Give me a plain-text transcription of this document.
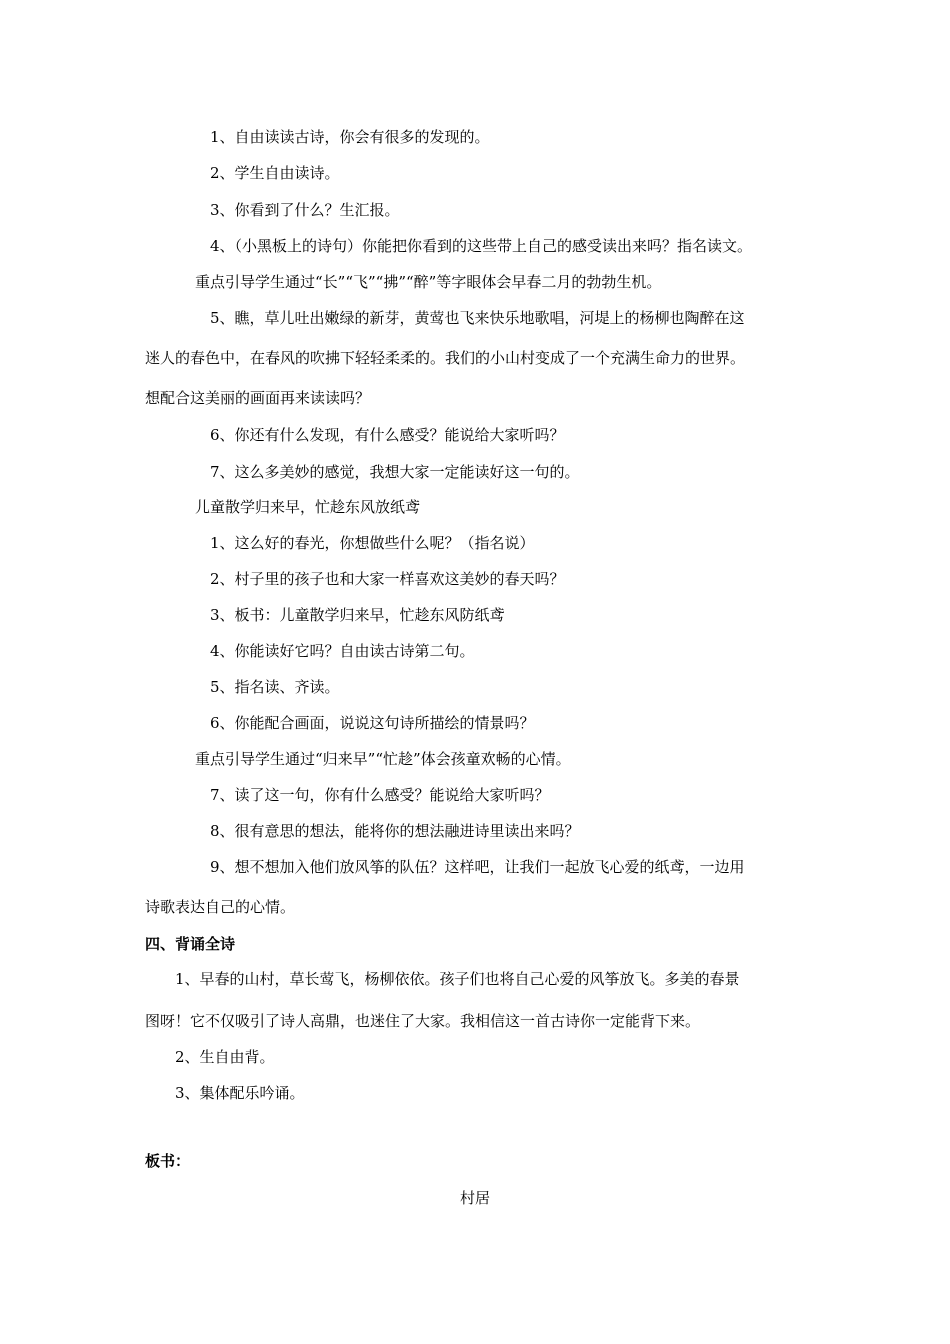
1、自由读读古诗，你会有很多的发现的。
2、学生自由读诗。
3、你看到了什么？生汇报。
4、（小黑板上的诗句）你能把你看到的这些带上自己的感受读出来吗？指名读文。
重点引导学生通过“长”“飞”“拂”“醉”等字眼体会早春二月的勃勃生机。
5、瞧，草儿吐出嫩绿的新芽，黄莺也飞来快乐地歌唱，河堤上的杨柳也陶醉在这
迷人的春色中，在春风的吹拂下轻轻柔柔的。我们的小山村变成了一个充满生命力的世界。
想配合这美丽的画面再来读读吗？
6、你还有什么发现，有什么感受？能说给大家听吗？
7、这么多美妙的感觉，我想大家一定能读好这一句的。
儿童散学归来早，忙趁东风放纸鸢
1、这么好的春光，你想做些什么呢？（指名说）
2、村子里的孩子也和大家一样喜欢这美妙的春天吗？
3、板书：儿童散学归来早，忙趁东风防纸鸢
4、你能读好它吗？自由读古诗第二句。
5、指名读、齐读。
6、你能配合画面，说说这句诗所描绘的情景吗？
重点引导学生通过“归来早”“忙趁”体会孩童欢畅的心情。
7、读了这一句，你有什么感受？能说给大家听吗？
8、很有意思的想法，能将你的想法融进诗里读出来吗？
9、想不想加入他们放风筝的队伍？这样吧，让我们一起放飞心爱的纸鸢，一边用
诗歌表达自己的心情。
四、背诵全诗
1、早春的山村，草长莺飞，杨柳依依。孩子们也将自己心爱的风筝放飞。多美的春景
图呀！它不仅吸引了诗人高鼎，也迷住了大家。我相信这一首古诗你一定能背下来。
2、生自由背。
3、集体配乐吟诵。
板书：
村居
